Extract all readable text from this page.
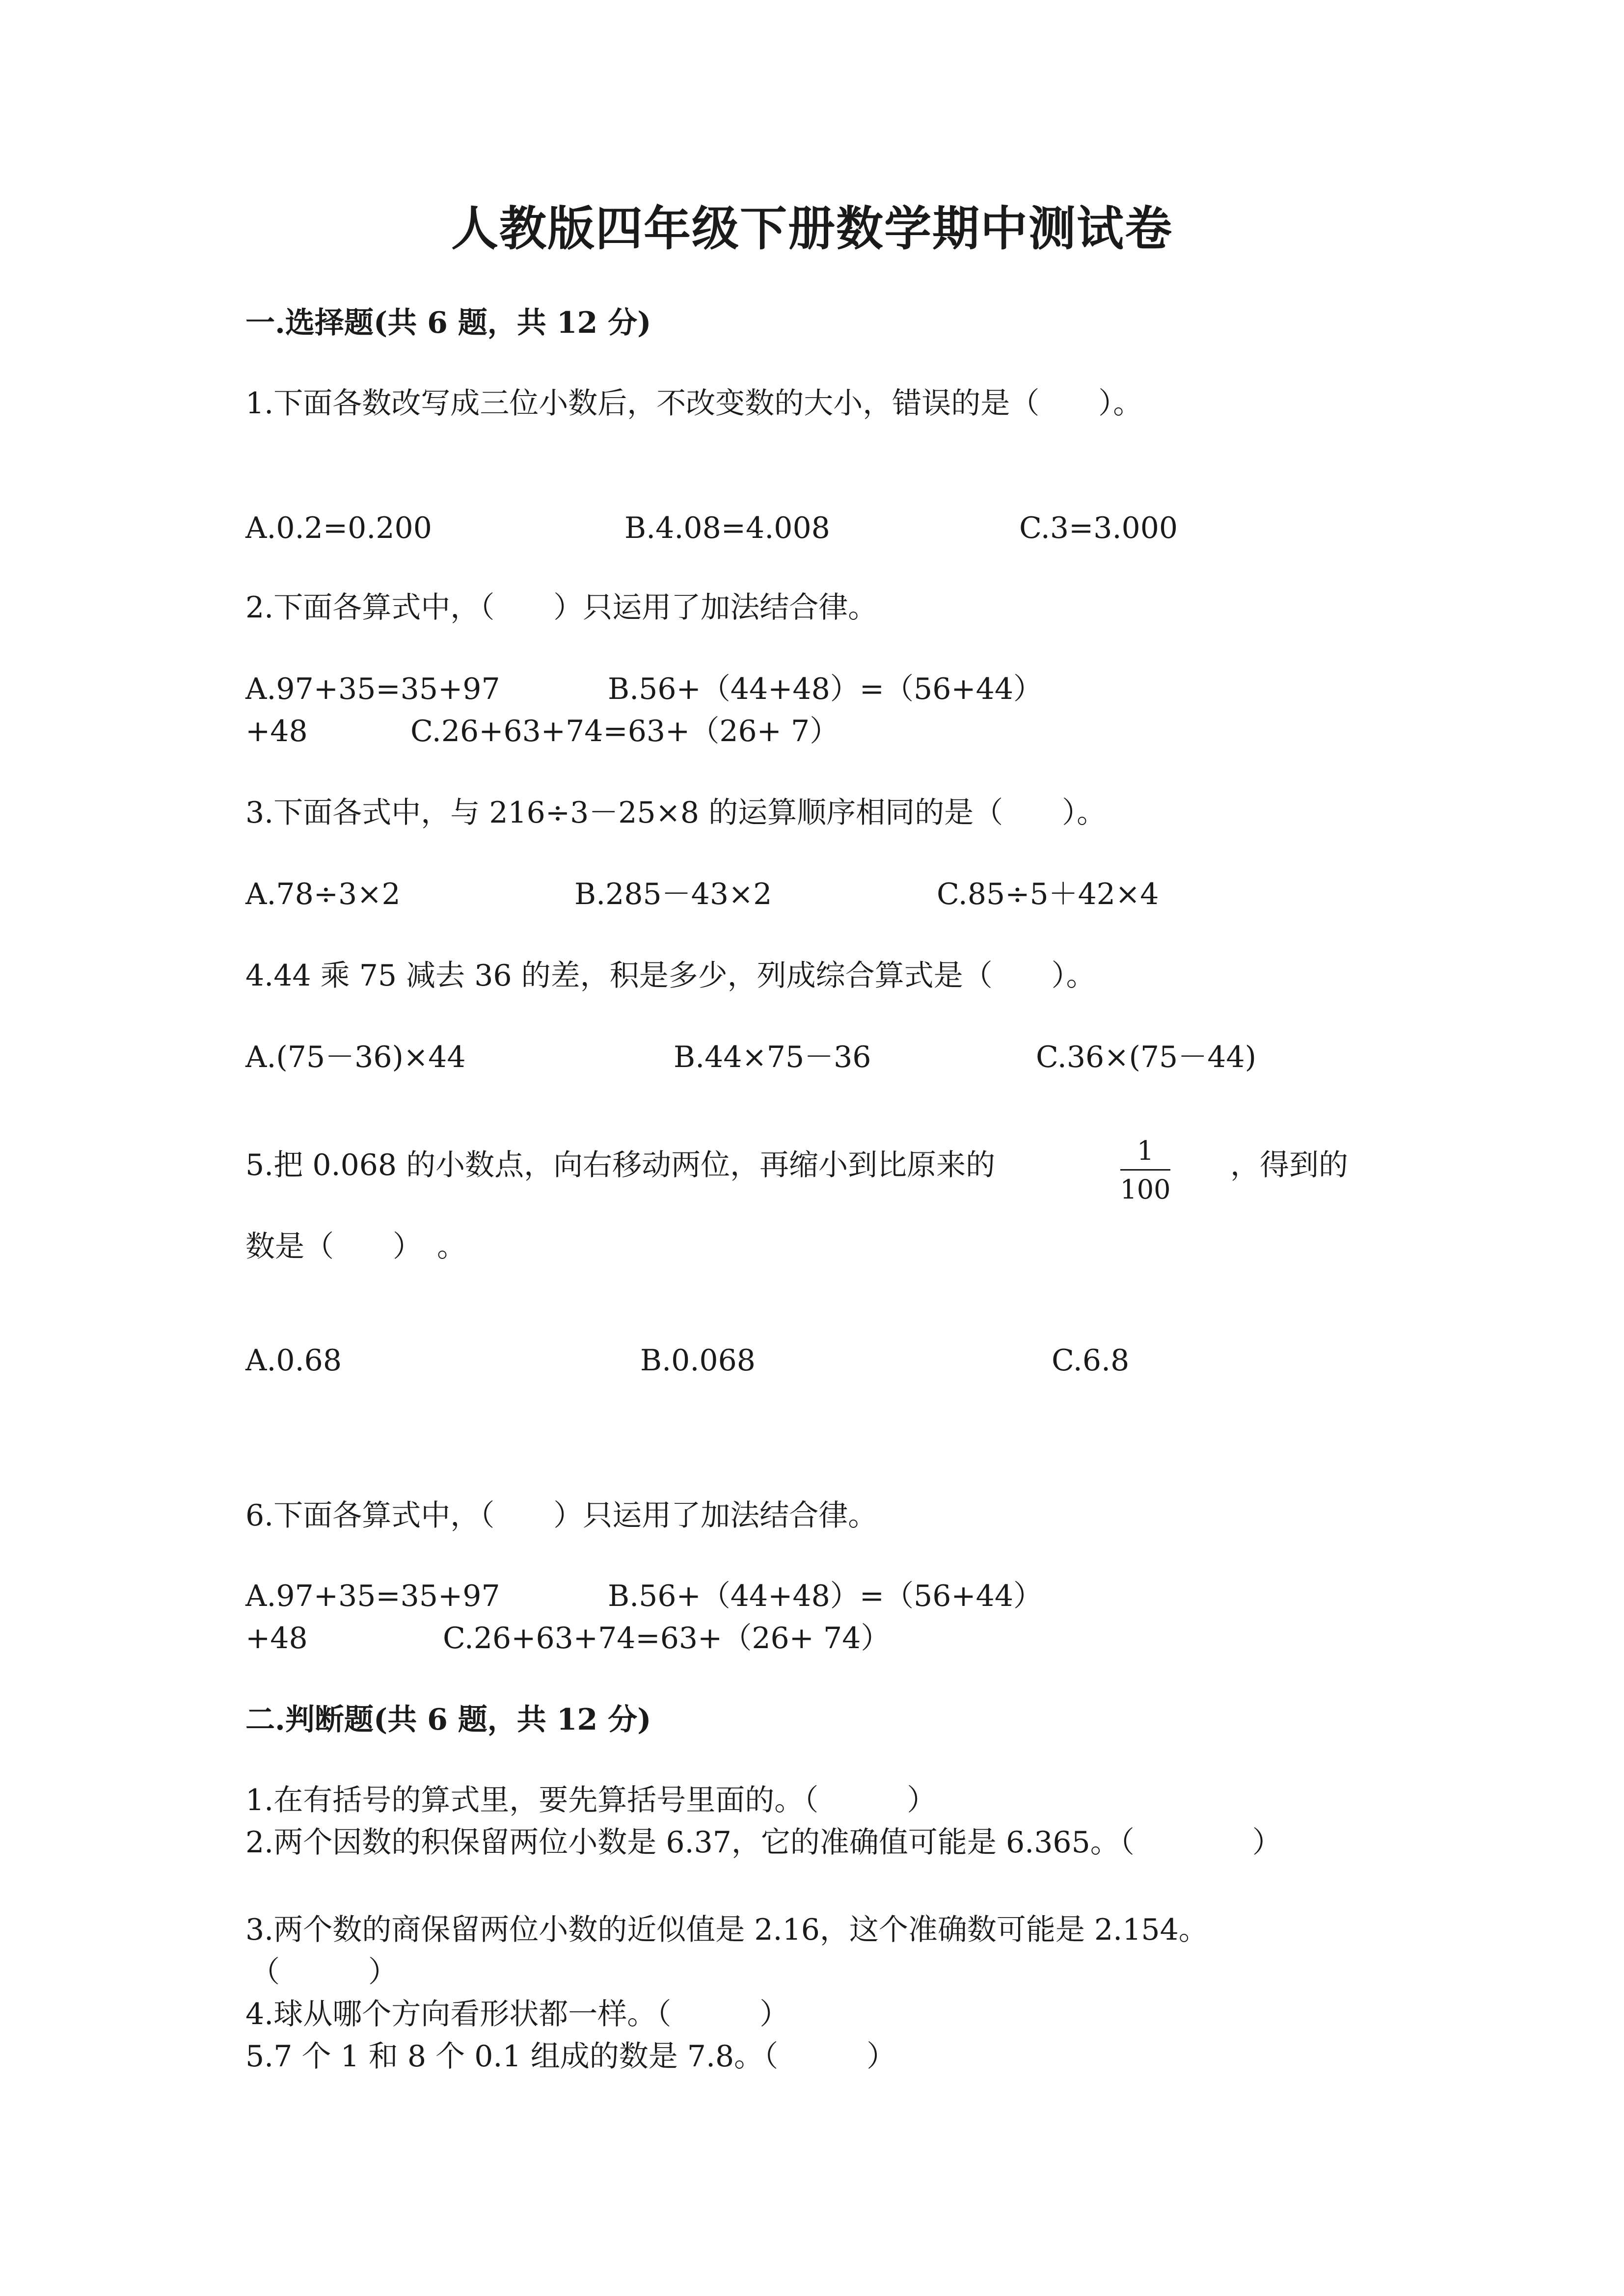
人教版四年级下册数学期中测试卷
一.选择题(共 6 题，共 12 分)
1.下面各数改写成三位小数后，不改变数的大小，错误的是（　　）。
A.0.2=0.200	B.4.08=4.008	C.3=3.000
2.下面各算式中，（　　）只运用了加法结合律。
A.97+35=35+97	B.56+（44+48）=（56+44）
+48	C.26+63+74=63+（26+ 7）
3.下面各式中，与 216÷3－25×8 的运算顺序相同的是（　　）。
A.78÷3×2	B.285－43×2	C.85÷5＋42×4
4.44 乘 75 减去 36 的差，积是多少，列成综合算式是（　　）。
A.(75－36)×44	B.44×75－36	C.36×(75－44)
5.把 0.068 的小数点，向右移动两位，再缩小到比原来的	1
100
，得到的
数是（　　）　。
A.0.68	B.0.068	C.6.8
6.下面各算式中，（　　）只运用了加法结合律。
A.97+35=35+97	B.56+（44+48）=（56+44）
+48	C.26+63+74=63+（26+ 74）
二.判断题(共 6 题，共 12 分)
1.在有括号的算式里，要先算括号里面的。（　　　）
2.两个因数的积保留两位小数是 6.37，它的准确值可能是 6.365。（　　　　）
3.两个数的商保留两位小数的近似值是 2.16，这个准确数可能是 2.154。
（　　　）
4.球从哪个方向看形状都一样。（　　　）
5.7 个 1 和 8 个 0.1 组成的数是 7.8。（　　　）
